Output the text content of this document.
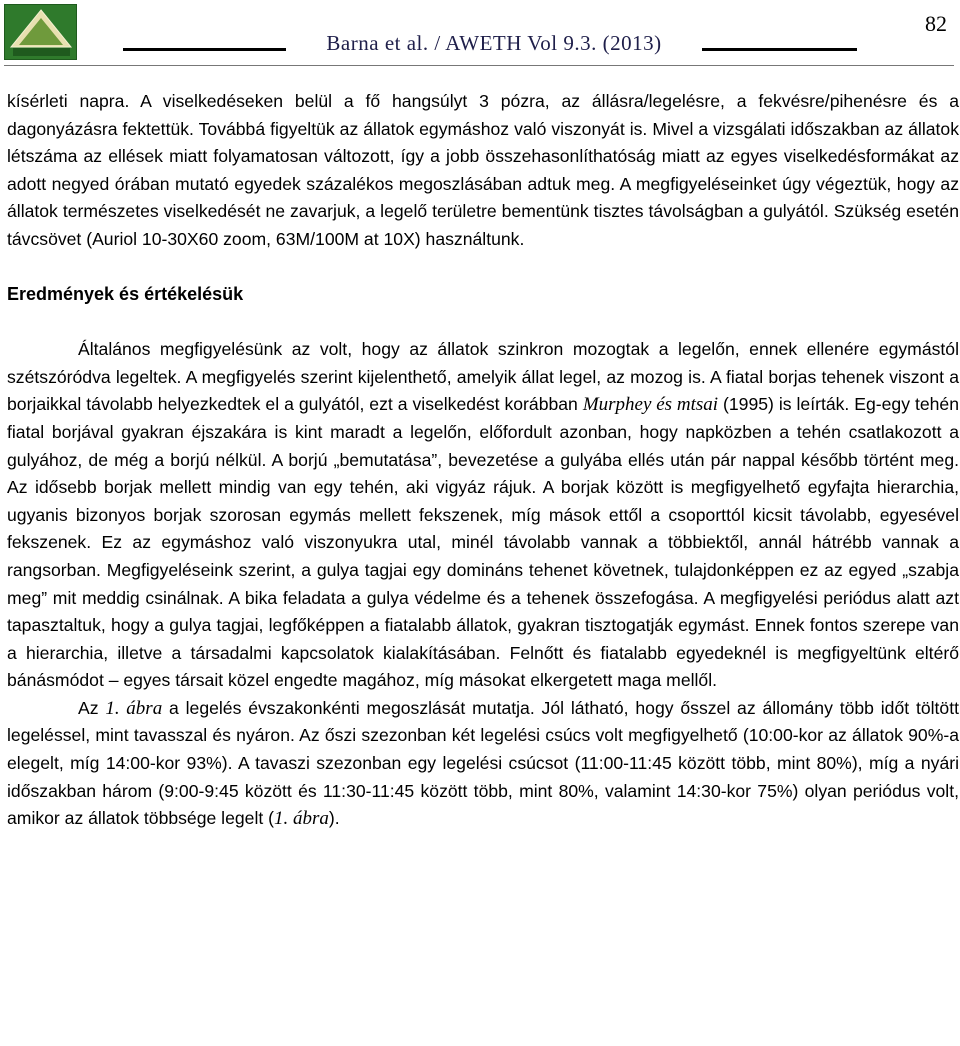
Barna et al. / AWETH Vol 9.3. (2013)
82

kísérleti napra. A viselkedéseken belül a fő hangsúlyt 3 pózra, az állásra/legelésre, a fekvésre/pihenésre és a dagonyázásra fektettük. Továbbá figyeltük az állatok egymáshoz való viszonyát is. Mivel a vizsgálati időszakban az állatok létszáma az ellések miatt folyamatosan változott, így a jobb összehasonlíthatóság miatt az egyes viselkedésformákat az adott negyed órában mutató egyedek százalékos megoszlásában adtuk meg. A megfigyeléseinket úgy végeztük, hogy az állatok természetes viselkedését ne zavarjuk, a legelő területre bementünk tisztes távolságban a gulyától. Szükség esetén távcsövet (Auriol 10-30X60 zoom, 63M/100M at 10X) használtunk.

Eredmények és értékelésük

Általános megfigyelésünk az volt, hogy az állatok szinkron mozogtak a legelőn, ennek ellenére egymástól szétszóródva legeltek. A megfigyelés szerint kijelenthető, amelyik állat legel, az mozog is. A fiatal borjas tehenek viszont a borjaikkal távolabb helyezkedtek el a gulyától, ezt a viselkedést korábban Murphey és mtsai (1995) is leírták. Eg-egy tehén fiatal borjával gyakran éjszakára is kint maradt a legelőn, előfordult azonban, hogy napközben a tehén csatlakozott a gulyához, de még a borjú nélkül. A borjú „bemutatása”, bevezetése a gulyába ellés után pár nappal később történt meg. Az idősebb borjak mellett mindig van egy tehén, aki vigyáz rájuk. A borjak között is megfigyelhető egyfajta hierarchia, ugyanis bizonyos borjak szorosan egymás mellett fekszenek, míg mások ettől a csoporttól kicsit távolabb, egyesével fekszenek. Ez az egymáshoz való viszonyukra utal, minél távolabb vannak a többiektől, annál hátrébb vannak a rangsorban. Megfigyeléseink szerint, a gulya tagjai egy domináns tehenet követnek, tulajdonképpen ez az egyed „szabja meg” mit meddig csinálnak. A bika feladata a gulya védelme és a tehenek összefogása. A megfigyelési periódus alatt azt tapasztaltuk, hogy a gulya tagjai, legfőképpen a fiatalabb állatok, gyakran tisztogatják egymást. Ennek fontos szerepe van a hierarchia, illetve a társadalmi kapcsolatok kialakításában. Felnőtt és fiatalabb egyedeknél is megfigyeltünk eltérő bánásmódot – egyes társait közel engedte magához, míg másokat elkergetett maga mellől.

Az 1. ábra a legelés évszakonkénti megoszlását mutatja. Jól látható, hogy ősszel az állomány több időt töltött legeléssel, mint tavasszal és nyáron. Az őszi szezonban két legelési csúcs volt megfigyelhető (10:00-kor az állatok 90%-a elegelt, míg 14:00-kor 93%). A tavaszi szezonban egy legelési csúcsot (11:00-11:45 között több, mint 80%), míg a nyári időszakban három (9:00-9:45 között és 11:30-11:45 között több, mint 80%, valamint 14:30-kor 75%) olyan periódus volt, amikor az állatok többsége legelt (1. ábra).
